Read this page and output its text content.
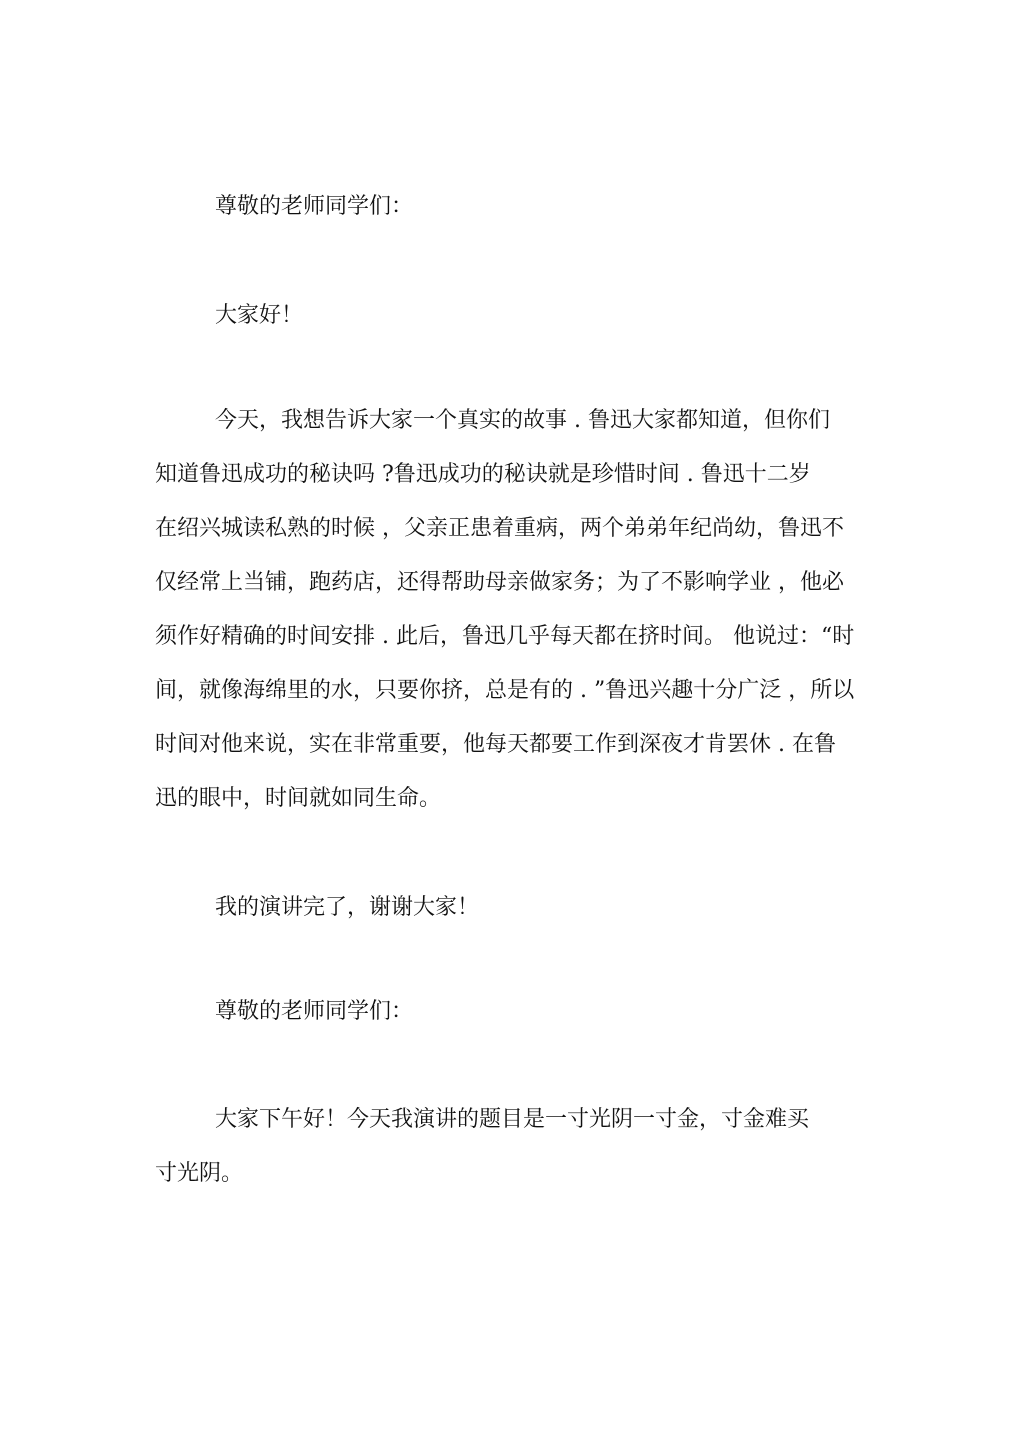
尊敬的老师同学们：

大家好！

今天，我想告诉大家一个真实的故事 . 鲁迅大家都知道，但你们
知道鲁迅成功的秘诀吗 ?鲁迅成功的秘诀就是珍惜时间 . 鲁迅十二岁
在绍兴城读私熟的时候 ，父亲正患着重病，两个弟弟年纪尚幼，鲁迅不
仅经常上当铺，跑药店，还得帮助母亲做家务；为了不影响学业 ，他必
须作好精确的时间安排 . 此后，鲁迅几乎每天都在挤时间。 他说过：“时
间，就像海绵里的水，只要你挤，总是有的 . ”鲁迅兴趣十分广泛 ，所以
时间对他来说，实在非常重要，他每天都要工作到深夜才肯罢休 . 在鲁
迅的眼中，时间就如同生命。

我的演讲完了，谢谢大家！

尊敬的老师同学们：

大家下午好！今天我演讲的题目是一寸光阴一寸金，寸金难买
寸光阴。
